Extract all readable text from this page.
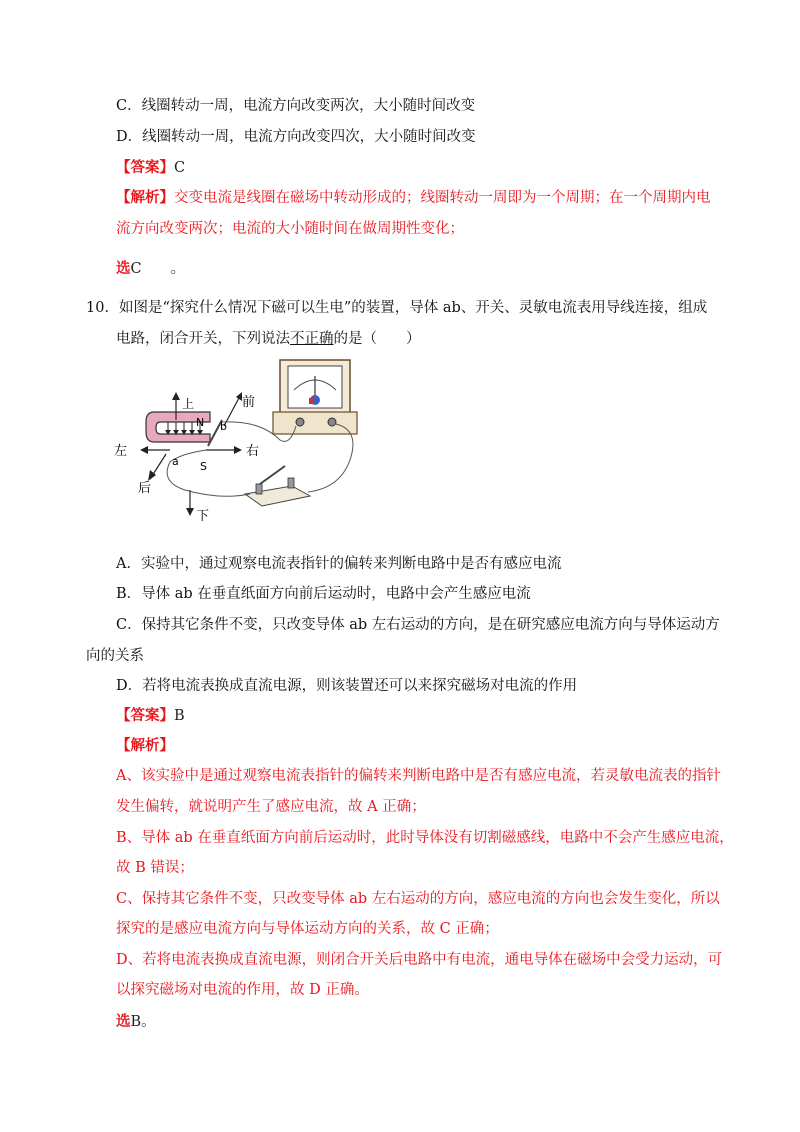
C．线圈转动一周，电流方向改变两次，大小随时间改变
D．线圈转动一周，电流方向改变四次，大小随时间改变
【答案】C
【解析】交变电流是线圈在磁场中转动形成的；线圈转动一周即为一个周期；在一个周期内电
流方向改变两次；电流的大小随时间在做周期性变化；
选C　　。
10．如图是“探究什么情况下磁可以生电”的装置，导体 ab、开关、灵敏电流表用导线连接，组成
电路，闭合开关，下列说法不正确的是（　　）
上	前
左	右
后
下
N
S
a
b
A．实验中，通过观察电流表指针的偏转来判断电路中是否有感应电流
B．导体 ab 在垂直纸面方向前后运动时，电路中会产生感应电流
C．保持其它条件不变，只改变导体 ab 左右运动的方向，是在研究感应电流方向与导体运动方
向的关系
D．若将电流表换成直流电源，则该装置还可以来探究磁场对电流的作用
【答案】B
【解析】
A、该实验中是通过观察电流表指针的偏转来判断电路中是否有感应电流，若灵敏电流表的指针
发生偏转，就说明产生了感应电流，故 A 正确；
B、导体 ab 在垂直纸面方向前后运动时，此时导体没有切割磁感线，电路中不会产生感应电流，
故 B 错误；
C、保持其它条件不变，只改变导体 ab 左右运动的方向，感应电流的方向也会发生变化，所以
探究的是感应电流方向与导体运动方向的关系，故 C 正确；
D、若将电流表换成直流电源，则闭合开关后电路中有电流，通电导体在磁场中会受力运动，可
以探究磁场对电流的作用，故 D 正确。
选B。
